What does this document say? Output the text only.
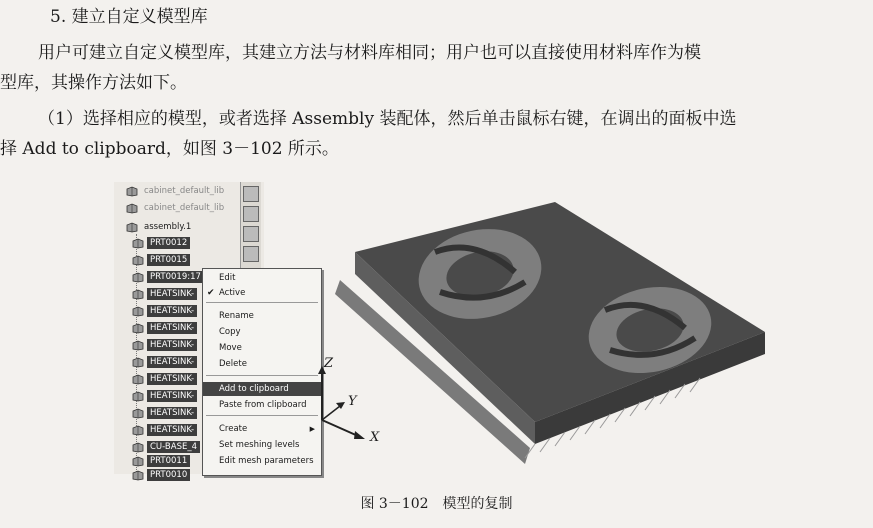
5. 建立自定义模型库
用户可建立自定义模型库，其建立方法与材料库相同；用户也可以直接使用材料库作为模
型库，其操作方法如下。
（1）选择相应的模型，或者选择 Assembly 装配体，然后单击鼠标右键，在调出的面板中选
择 Add to clipboard，如图 3－102 所示。
cabinet_default_lib
cabinet_default_lib
assembly.1
PRT0012
PRT0015
PRT0019:17
HEATSINK-
HEATSINK-
HEATSINK-
HEATSINK-
HEATSINK-
HEATSINK-
HEATSINK-
HEATSINK-
HEATSINK-
CU-BASE_4
PRT0011
PRT0010
Edit
✔ Active
Rename
Copy
Move
Delete
Add to clipboard
Paste from clipboard
Create	▶
Set meshing levels
Edit mesh parameters
Z
Y
X
图 3－102　模型的复制
